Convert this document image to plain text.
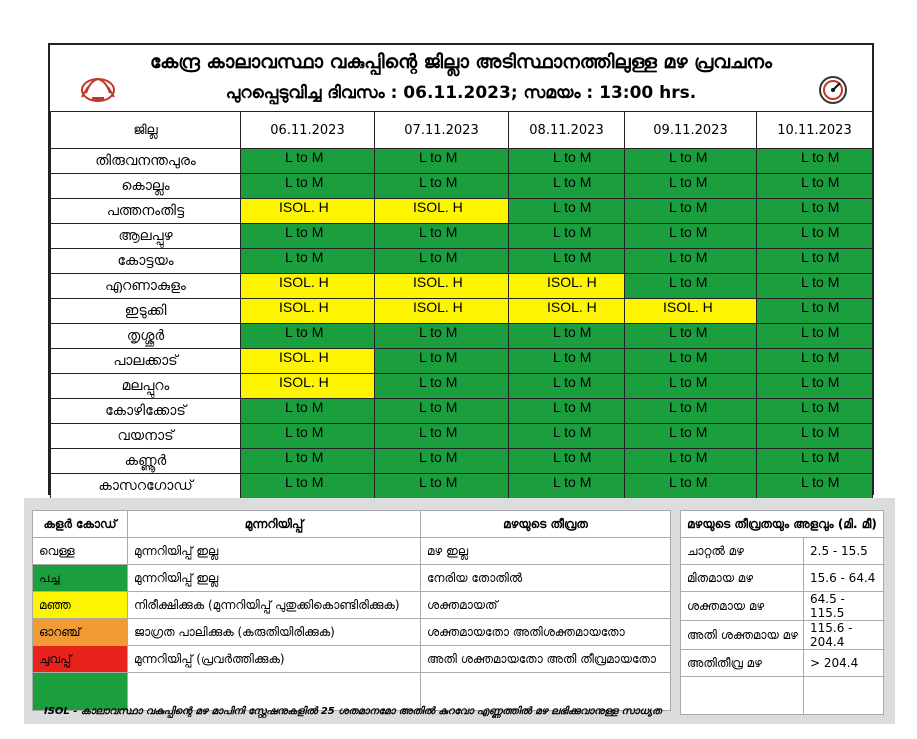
കേന്ദ്ര കാലാവസ്ഥാ വകുപ്പിന്റെ ജില്ലാ അടിസ്ഥാനത്തിലുള്ള മഴ പ്രവചനം
പുറപ്പെടുവിച്ച ദിവസം : 06.11.2023; സമയം : 13:00 hrs.
ജില്ല	06.11.2023	07.11.2023	08.11.2023	09.11.2023	10.11.2023
തിരുവനന്തപുരം	L to M	L to M	L to M	L to M	L to M
കൊല്ലം	L to M	L to M	L to M	L to M	L to M
പത്തനംതിട്ട	ISOL. H	ISOL. H	L to M	L to M	L to M
ആലപ്പുഴ	L to M	L to M	L to M	L to M	L to M
കോട്ടയം	L to M	L to M	L to M	L to M	L to M
എറണാകുളം	ISOL. H	ISOL. H	ISOL. H	L to M	L to M
ഇടുക്കി	ISOL. H	ISOL. H	ISOL. H	ISOL. H	L to M
തൃശ്ശൂർ	L to M	L to M	L to M	L to M	L to M
പാലക്കാട്	ISOL. H	L to M	L to M	L to M	L to M
മലപ്പുറം	ISOL. H	L to M	L to M	L to M	L to M
കോഴിക്കോട്	L to M	L to M	L to M	L to M	L to M
വയനാട്	L to M	L to M	L to M	L to M	L to M
കണ്ണൂർ	L to M	L to M	L to M	L to M	L to M
കാസറഗോഡ്	L to M	L to M	L to M	L to M	L to M
കളർ കോഡ്	മുന്നറിയിപ്പ്	മഴയുടെ തീവ്രത
വെള്ള	മുന്നറിയിപ്പ് ഇല്ല	മഴ ഇല്ല
പച്ച	മുന്നറിയിപ്പ് ഇല്ല	നേരിയ തോതിൽ
മഞ്ഞ	നിരീക്ഷിക്കുക (മുന്നറിയിപ്പ് പുതുക്കികൊണ്ടിരിക്കുക)	ശക്തമായത്
ഓറഞ്ച്	ജാഗ്രത പാലിക്കുക (കരുതിയിരിക്കുക)	ശക്തമായതോ അതിശക്തമായതോ
ചുവപ്പ്	മുന്നറിയിപ്പ് (പ്രവർത്തിക്കുക)	അതി ശക്തമായതോ അതി തീവ്രമായതോ

മഴയുടെ തീവ്രതയും അളവും (മി. മീ)	
ചാറ്റൽ മഴ	2.5 - 15.5
മിതമായ മഴ	15.6 - 64.4
ശക്തമായ മഴ	64.5 - 115.5
അതി ശക്തമായ മഴ	115.6 - 204.4
അതിതീവ്ര മഴ	> 204.4

ISOL - കാലാവസ്ഥാ വകുപ്പിന്റെ മഴ മാപിനി സ്റ്റേഷനുകളിൽ 25 ശതമാനമോ അതിൽ കുറവോ എണ്ണത്തിൽ മഴ ലഭിക്കുവാനുള്ള സാധ്യത
